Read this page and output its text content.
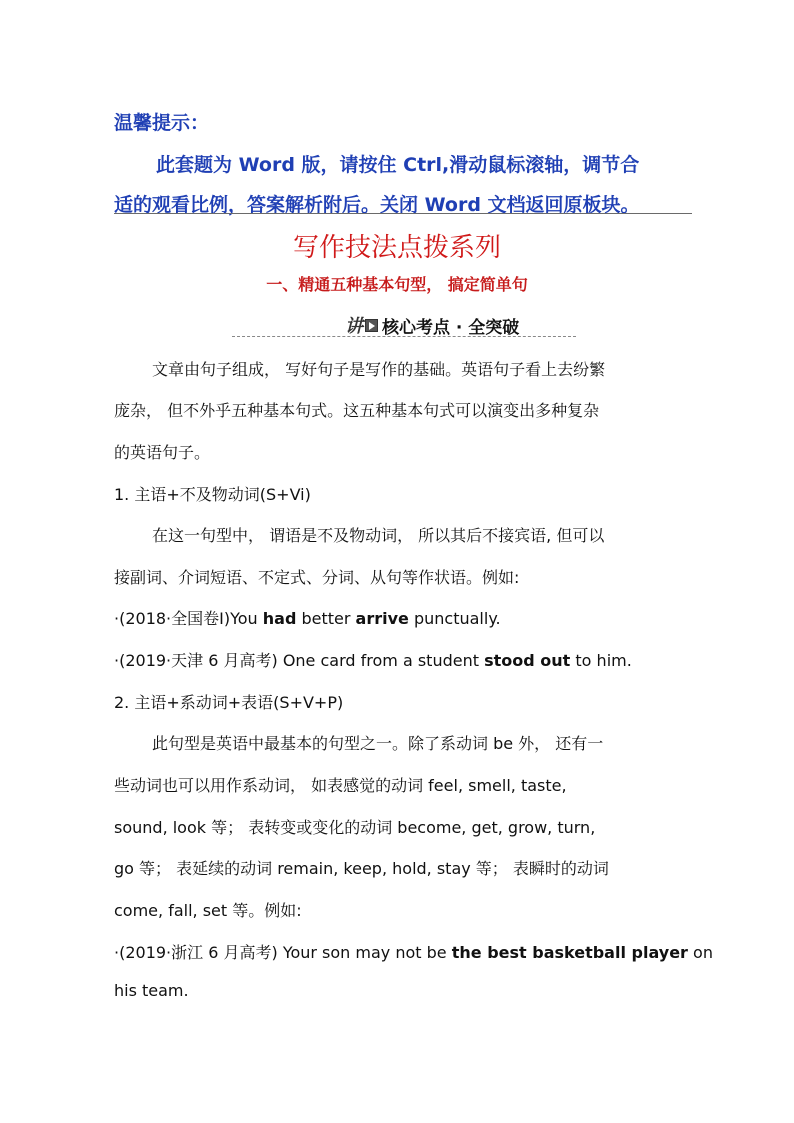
温馨提示：
此套题为 Word 版，请按住 Ctrl,滑动鼠标滚轴，调节合
适的观看比例，答案解析附后。关闭 Word 文档返回原板块。
写作技法点拨系列
一、精通五种基本句型， 搞定简单句
讲 核心考点 · 全突破
文章由句子组成， 写好句子是写作的基础。英语句子看上去纷繁
庞杂， 但不外乎五种基本句式。这五种基本句式可以演变出多种复杂
的英语句子。
1. 主语+不及物动词(S+Vi)
在这一句型中， 谓语是不及物动词， 所以其后不接宾语, 但可以
接副词、介词短语、不定式、分词、从句等作状语。例如:
·(2018·全国卷Ⅰ)You had better arrive punctually.
·(2019·天津 6 月高考) One card from a student stood out to him.
2. 主语+系动词+表语(S+V+P)
此句型是英语中最基本的句型之一。除了系动词 be 外， 还有一
些动词也可以用作系动词， 如表感觉的动词 feel, smell, taste,
sound, look 等； 表转变或变化的动词 become, get, grow, turn,
go 等； 表延续的动词 remain, keep, hold, stay 等； 表瞬时的动词
come, fall, set 等。例如:
·(2019·浙江 6 月高考) Your son may not be the best basketball player on
his team.
